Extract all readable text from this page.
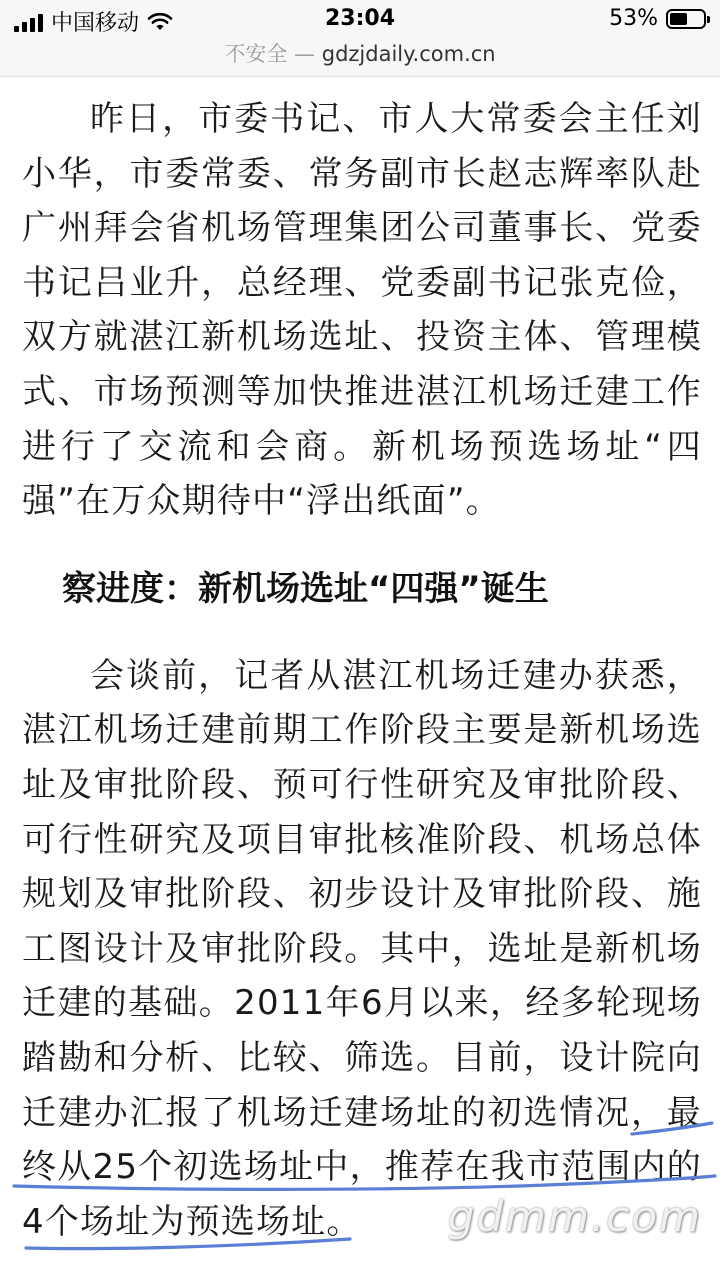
中国移动	23:04	53%
不安全 — gdzjdaily.com.cn

昨日，市委书记、市人大常委会主任刘小华，市委常委、常务副市长赵志辉率队赴广州拜会省机场管理集团公司董事长、党委书记吕业升，总经理、党委副书记张克俭，双方就湛江新机场选址、投资主体、管理模式、市场预测等加快推进湛江机场迁建工作进行了交流和会商。新机场预选场址“四强”在万众期待中“浮出纸面”。

察进度：新机场选址“四强”诞生

会谈前，记者从湛江机场迁建办获悉，湛江机场迁建前期工作阶段主要是新机场选址及审批阶段、预可行性研究及审批阶段、可行性研究及项目审批核准阶段、机场总体规划及审批阶段、初步设计及审批阶段、施工图设计及审批阶段。其中，选址是新机场迁建的基础。2011年6月以来，经多轮现场踏勘和分析、比较、筛选。目前，设计院向迁建办汇报了机场迁建场址的初选情况，最终从25个初选场址中，推荐在我市范围内的4个场址为预选场址。	gdmm.com
